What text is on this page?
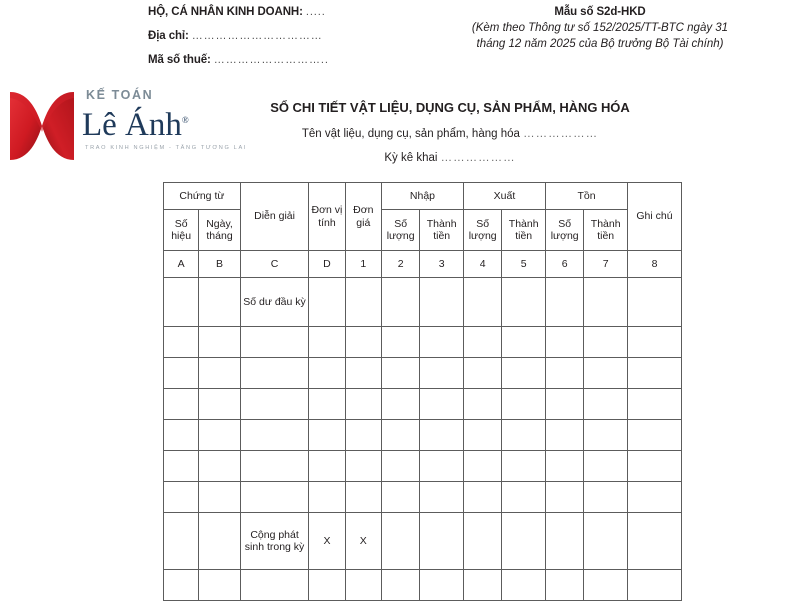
HỘ, CÁ NHÂN KINH DOANH: .....
Địa chỉ: ……………………………
Mã số thuế: ………………………..
Mẫu số S2d-HKD
(Kèm theo Thông tư số 152/2025/TT-BTC ngày 31
tháng 12 năm 2025 của Bộ trưởng Bộ Tài chính)
KẾ TOÁN
Lê Ánh®
TRAO KINH NGHIỆM - TĂNG TƯƠNG LAI
SỔ CHI TIẾT VẬT LIỆU, DỤNG CỤ, SẢN PHẨM, HÀNG HÓA
Tên vật liệu, dụng cụ, sản phẩm, hàng hóa ………………
Kỳ kê khai ………………
Chứng từ		Diễn giải	Đơn vị tính	Đơn giá	Nhập		Xuất		Tồn		Ghi chú
Số hiệu	Ngày, tháng				Số lượng	Thành tiền	Số lượng	Thành tiền	Số lượng	Thành tiền	
A	B	C	D	1	2	3	4	5	6	7	8
		Số dư đầu kỳ									

		Cộng phát sinh trong kỳ	X	X							
